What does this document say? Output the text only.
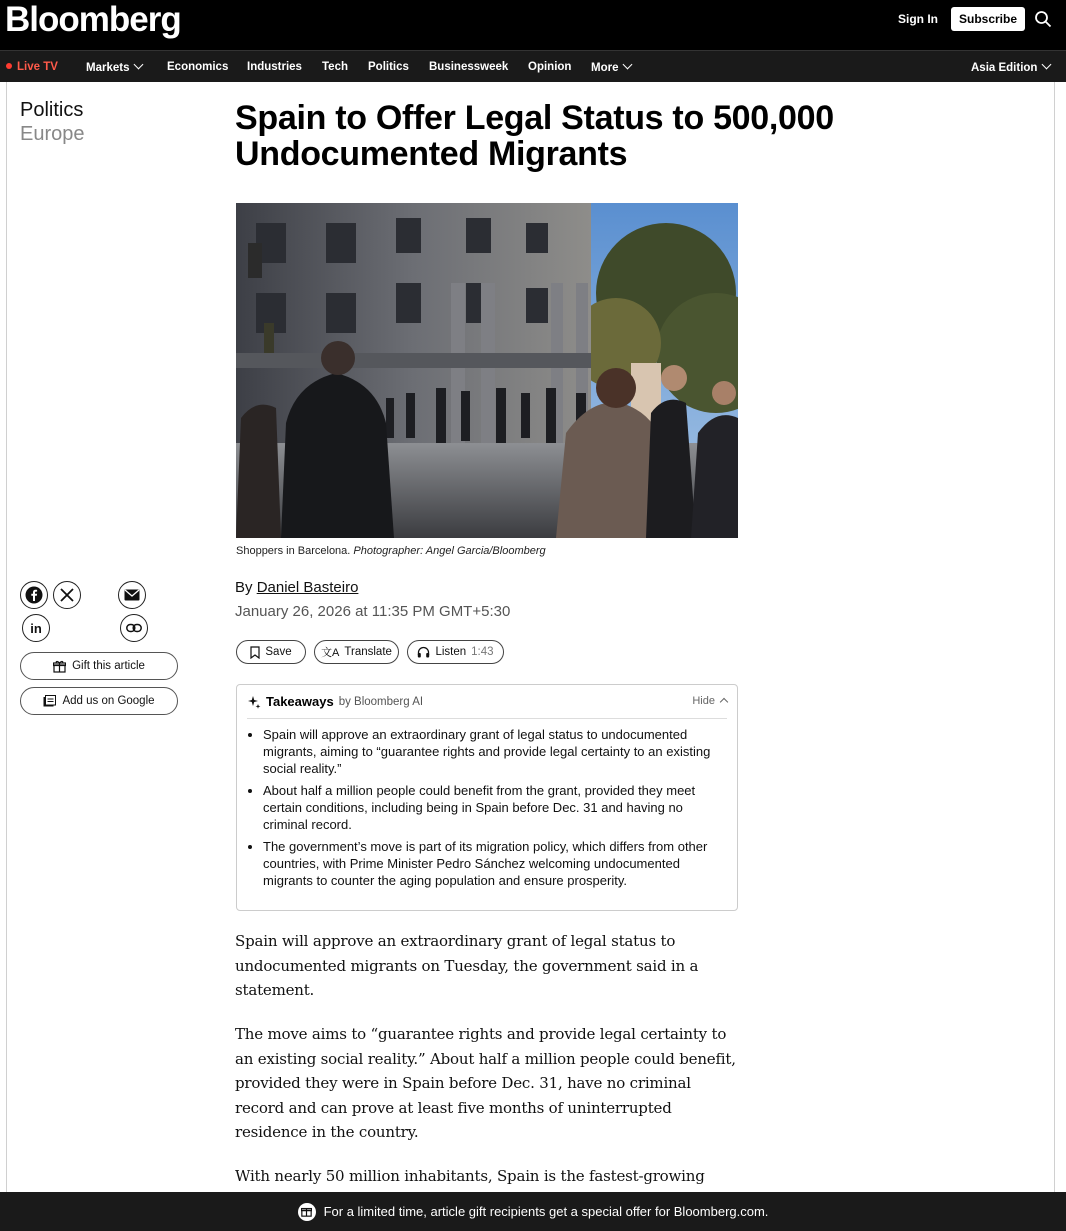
Bloomberg	Sign In	Subscribe
Live TV Markets	Economics Industries Tech Politics Businessweek Opinion More	Asia Edition
Politics
Europe	Spain to Offer Legal Status to 500,000 Undocumented Migrants
Shoppers in Barcelona. Photographer: Angel Garcia/Bloomberg
in
Gift this article
Add us on Google
By Daniel Basteiro
January 26, 2026 at 11:35 PM GMT+5:30
Save	文A Translate	Listen 1:43
Takeaways by Bloomberg AI	Hide
• Spain will approve an extraordinary grant of legal status to undocumented migrants, aiming to “guarantee rights and provide legal certainty to an existing social reality.”
• About half a million people could benefit from the grant, provided they meet certain conditions, including being in Spain before Dec. 31 and having no criminal record.
• The government’s move is part of its migration policy, which differs from other countries, with Prime Minister Pedro Sánchez welcoming undocumented migrants to counter the aging population and ensure prosperity.

Spain will approve an extraordinary grant of legal status to undocumented migrants on Tuesday, the government said in a statement.

The move aims to “guarantee rights and provide legal certainty to an existing social reality.” About half a million people could benefit, provided they were in Spain before Dec. 31, have no criminal record and can prove at least five months of uninterrupted residence in the country.

With nearly 50 million inhabitants, Spain is the fastest-growing

For a limited time, article gift recipients get a special offer for Bloomberg.com.
